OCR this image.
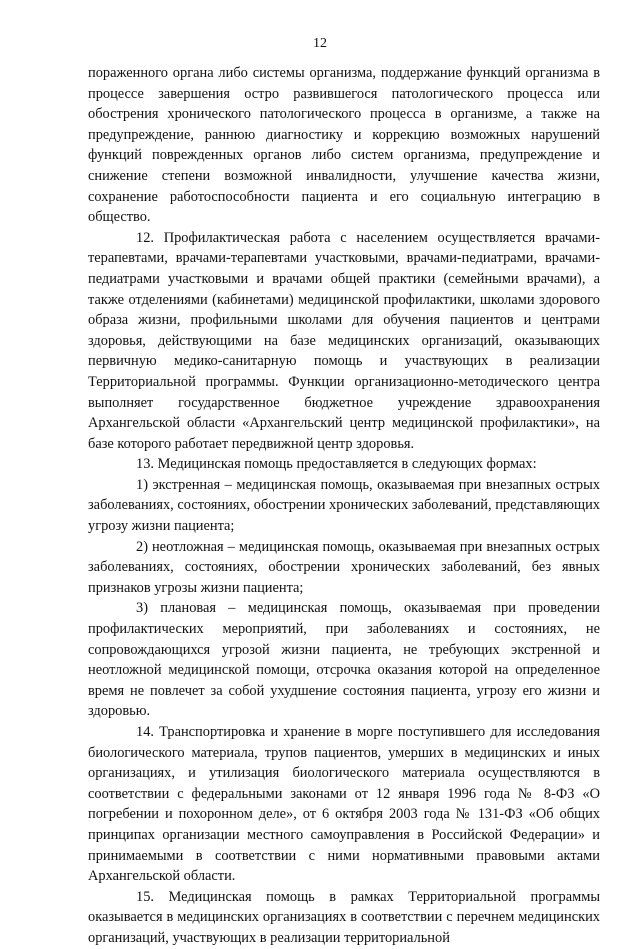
12

пораженного органа либо системы организма, поддержание функций организма в процессе завершения остро развившегося патологического процесса или обострения хронического патологического процесса в организме, а также на предупреждение, раннюю диагностику и коррекцию возможных нарушений функций поврежденных органов либо систем организма, предупреждение и снижение степени возможной инвалидности, улучшение качества жизни, сохранение работоспособности пациента и его социальную интеграцию в общество.

12. Профилактическая работа с населением осуществляется врачами-терапевтами, врачами-терапевтами участковыми, врачами-педиатрами, врачами-педиатрами участковыми и врачами общей практики (семейными врачами), а также отделениями (кабинетами) медицинской профилактики, школами здорового образа жизни, профильными школами для обучения пациентов и центрами здоровья, действующими на базе медицинских организаций, оказывающих первичную медико-санитарную помощь и участвующих в реализации Территориальной программы. Функции организационно-методического центра выполняет государственное бюджетное учреждение здравоохранения Архангельской области «Архангельский центр медицинской профилактики», на базе которого работает передвижной центр здоровья.

13. Медицинская помощь предоставляется в следующих формах:

1) экстренная – медицинская помощь, оказываемая при внезапных острых заболеваниях, состояниях, обострении хронических заболеваний, представляющих угрозу жизни пациента;

2) неотложная – медицинская помощь, оказываемая при внезапных острых заболеваниях, состояниях, обострении хронических заболеваний, без явных признаков угрозы жизни пациента;

3) плановая – медицинская помощь, оказываемая при проведении профилактических мероприятий, при заболеваниях и состояниях, не сопровождающихся угрозой жизни пациента, не требующих экстренной и неотложной медицинской помощи, отсрочка оказания которой на определенное время не повлечет за собой ухудшение состояния пациента, угрозу его жизни и здоровью.

14. Транспортировка и хранение в морге поступившего для исследования биологического материала, трупов пациентов, умерших в медицинских и иных организациях, и утилизация биологического материала осуществляются в соответствии с федеральными законами от 12 января 1996 года № 8-ФЗ «О погребении и похоронном деле», от 6 октября 2003 года № 131-ФЗ «Об общих принципах организации местного самоуправления в Российской Федерации» и принимаемыми в соответствии с ними нормативными правовыми актами Архангельской области.

15. Медицинская помощь в рамках Территориальной программы оказывается в медицинских организациях в соответствии с перечнем медицинских организаций, участвующих в реализации территориальной
